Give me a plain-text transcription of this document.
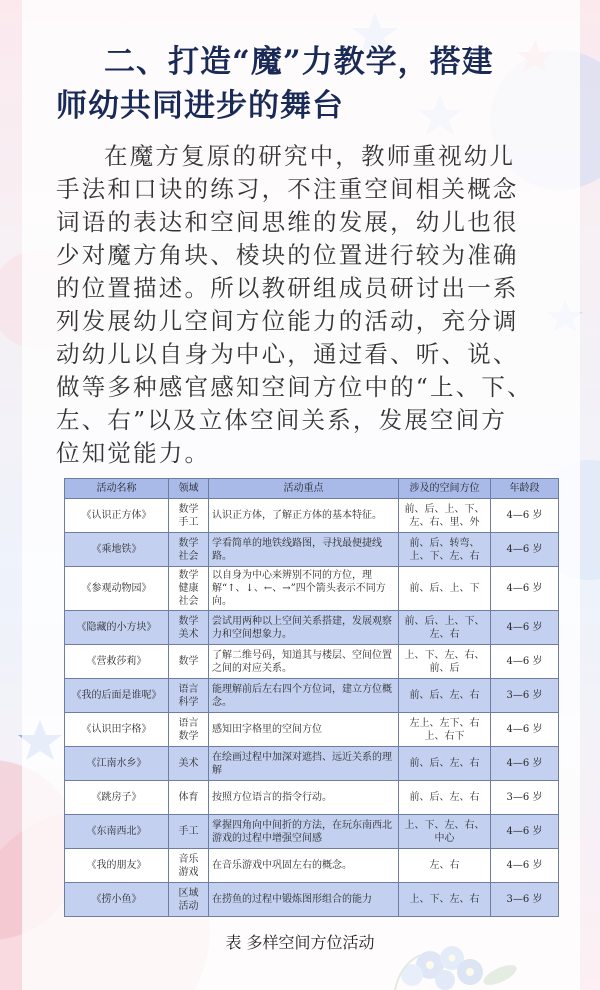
二、打造“魔”力教学，搭建
师幼共同进步的舞台
在魔方复原的研究中，教师重视幼儿
手法和口诀的练习，不注重空间相关概念
词语的表达和空间思维的发展，幼儿也很
少对魔方角块、棱块的位置进行较为准确
的位置描述。所以教研组成员研讨出一系
列发展幼儿空间方位能力的活动，充分调
动幼儿以自身为中心，通过看、听、说、
做等多种感官感知空间方位中的“上、下、
左、右”以及立体空间关系，发展空间方
位知觉能力。
活动名称	领域	活动重点	涉及的空间方位	年龄段
《认识正方体》	数学
手工	认识正方体，了解正方体的基本特征。	前、后、上、下、
左、右、里、外	4—6 岁
《乘地铁》	数学
社会	学看简单的地铁线路图，寻找最便捷线路。	前、后、转弯、
上、下、左、右	4—6 岁
《参观动物园》	数学
健康
社会	以自身为中心来辨别不同的方位，理解“↑、↓、←、→”四个箭头表示不同方向。	前、后、上、下	4—6 岁
《隐藏的小方块》	数学
美术	尝试用两种以上空间关系搭建，发展观察力和空间想象力。	前、后、上、下、
左、右	4—6 岁
《营救莎莉》	数学	了解二维号码，知道其与楼层、空间位置之间的对应关系。	上、下、左、右、
前、后	4—6 岁
《我的后面是谁呢》	语言
科学	能理解前后左右四个方位词，建立方位概念。	前、后、左、右	3—6 岁
《认识田字格》	语言
数学	感知田字格里的空间方位	左上、左下、右
上、右下	4—6 岁
《江南水乡》	美术	在绘画过程中加深对遮挡、远近关系的理解	前、后、左、右	4—6 岁
《跳房子》	体育	按照方位语言的指令行动。	前、后、左、右	3—6 岁
《东南西北》	手工	掌握四角向中间折的方法，在玩东南西北游戏的过程中增强空间感	上、下、左、右、
中心	4—6 岁
《我的朋友》	音乐
游戏	在音乐游戏中巩固左右的概念。	左、右	4—6 岁
《捞小鱼》	区域
活动	在捞鱼的过程中锻炼图形组合的能力	上、下、左、右	3—6 岁
表 多样空间方位活动
